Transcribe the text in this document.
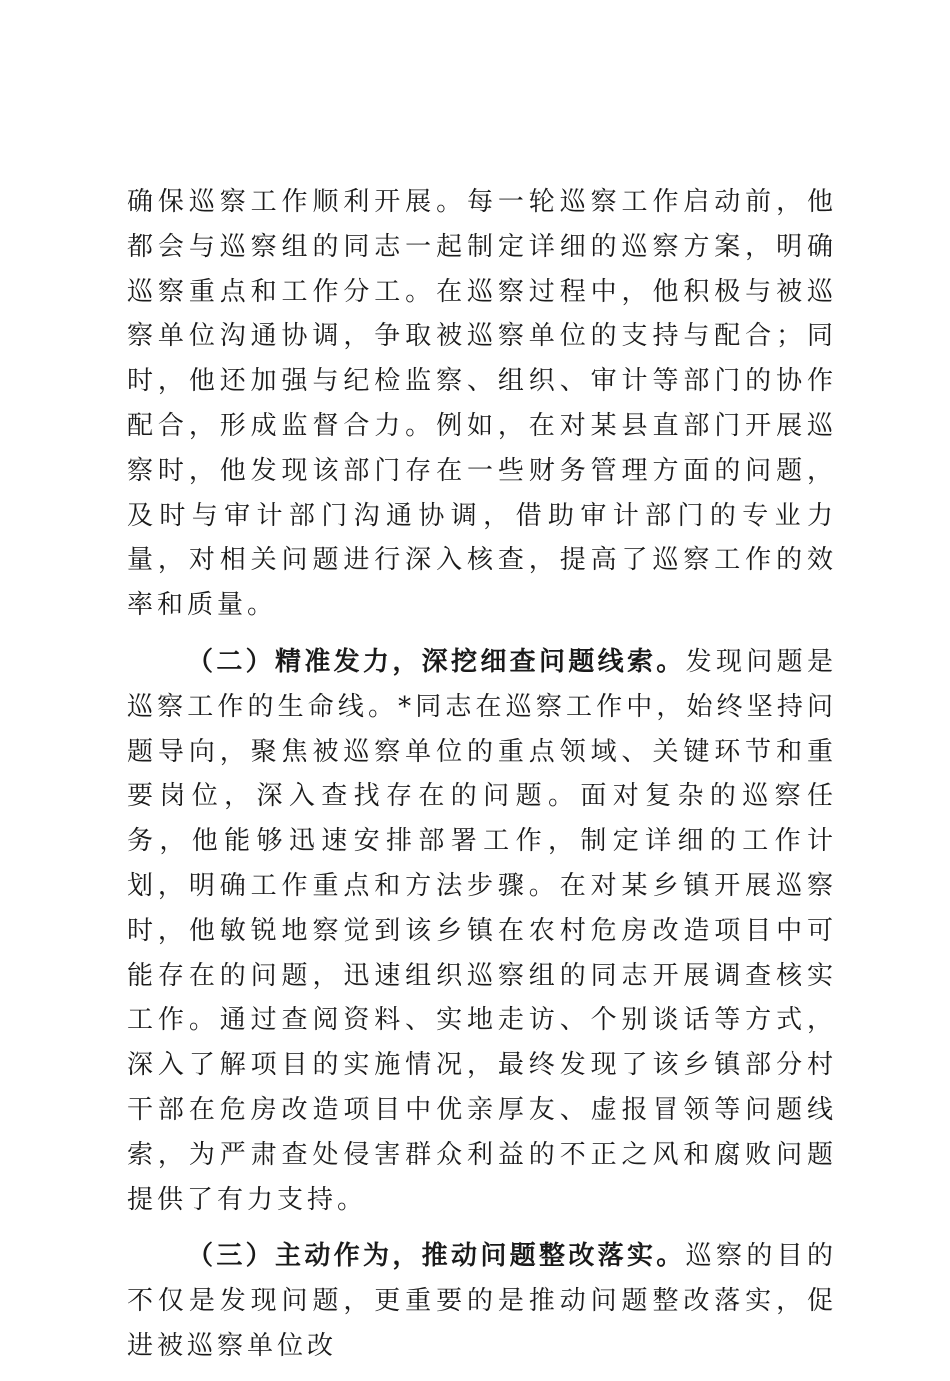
确保巡察工作顺利开展。每一轮巡察工作启动前，他都会与巡察组的同志一起制定详细的巡察方案，明确巡察重点和工作分工。在巡察过程中，他积极与被巡察单位沟通协调，争取被巡察单位的支持与配合；同时，他还加强与纪检监察、组织、审计等部门的协作配合，形成监督合力。例如，在对某县直部门开展巡察时，他发现该部门存在一些财务管理方面的问题，及时与审计部门沟通协调，借助审计部门的专业力量，对相关问题进行深入核查，提高了巡察工作的效率和质量。

（二）精准发力，深挖细查问题线索。发现问题是巡察工作的生命线。*同志在巡察工作中，始终坚持问题导向，聚焦被巡察单位的重点领域、关键环节和重要岗位，深入查找存在的问题。面对复杂的巡察任务，他能够迅速安排部署工作，制定详细的工作计划，明确工作重点和方法步骤。在对某乡镇开展巡察时，他敏锐地察觉到该乡镇在农村危房改造项目中可能存在的问题，迅速组织巡察组的同志开展调查核实工作。通过查阅资料、实地走访、个别谈话等方式，深入了解项目的实施情况，最终发现了该乡镇部分村干部在危房改造项目中优亲厚友、虚报冒领等问题线索，为严肃查处侵害群众利益的不正之风和腐败问题提供了有力支持。

（三）主动作为，推动问题整改落实。巡察的目的不仅是发现问题，更重要的是推动问题整改落实，促进被巡察单位改
